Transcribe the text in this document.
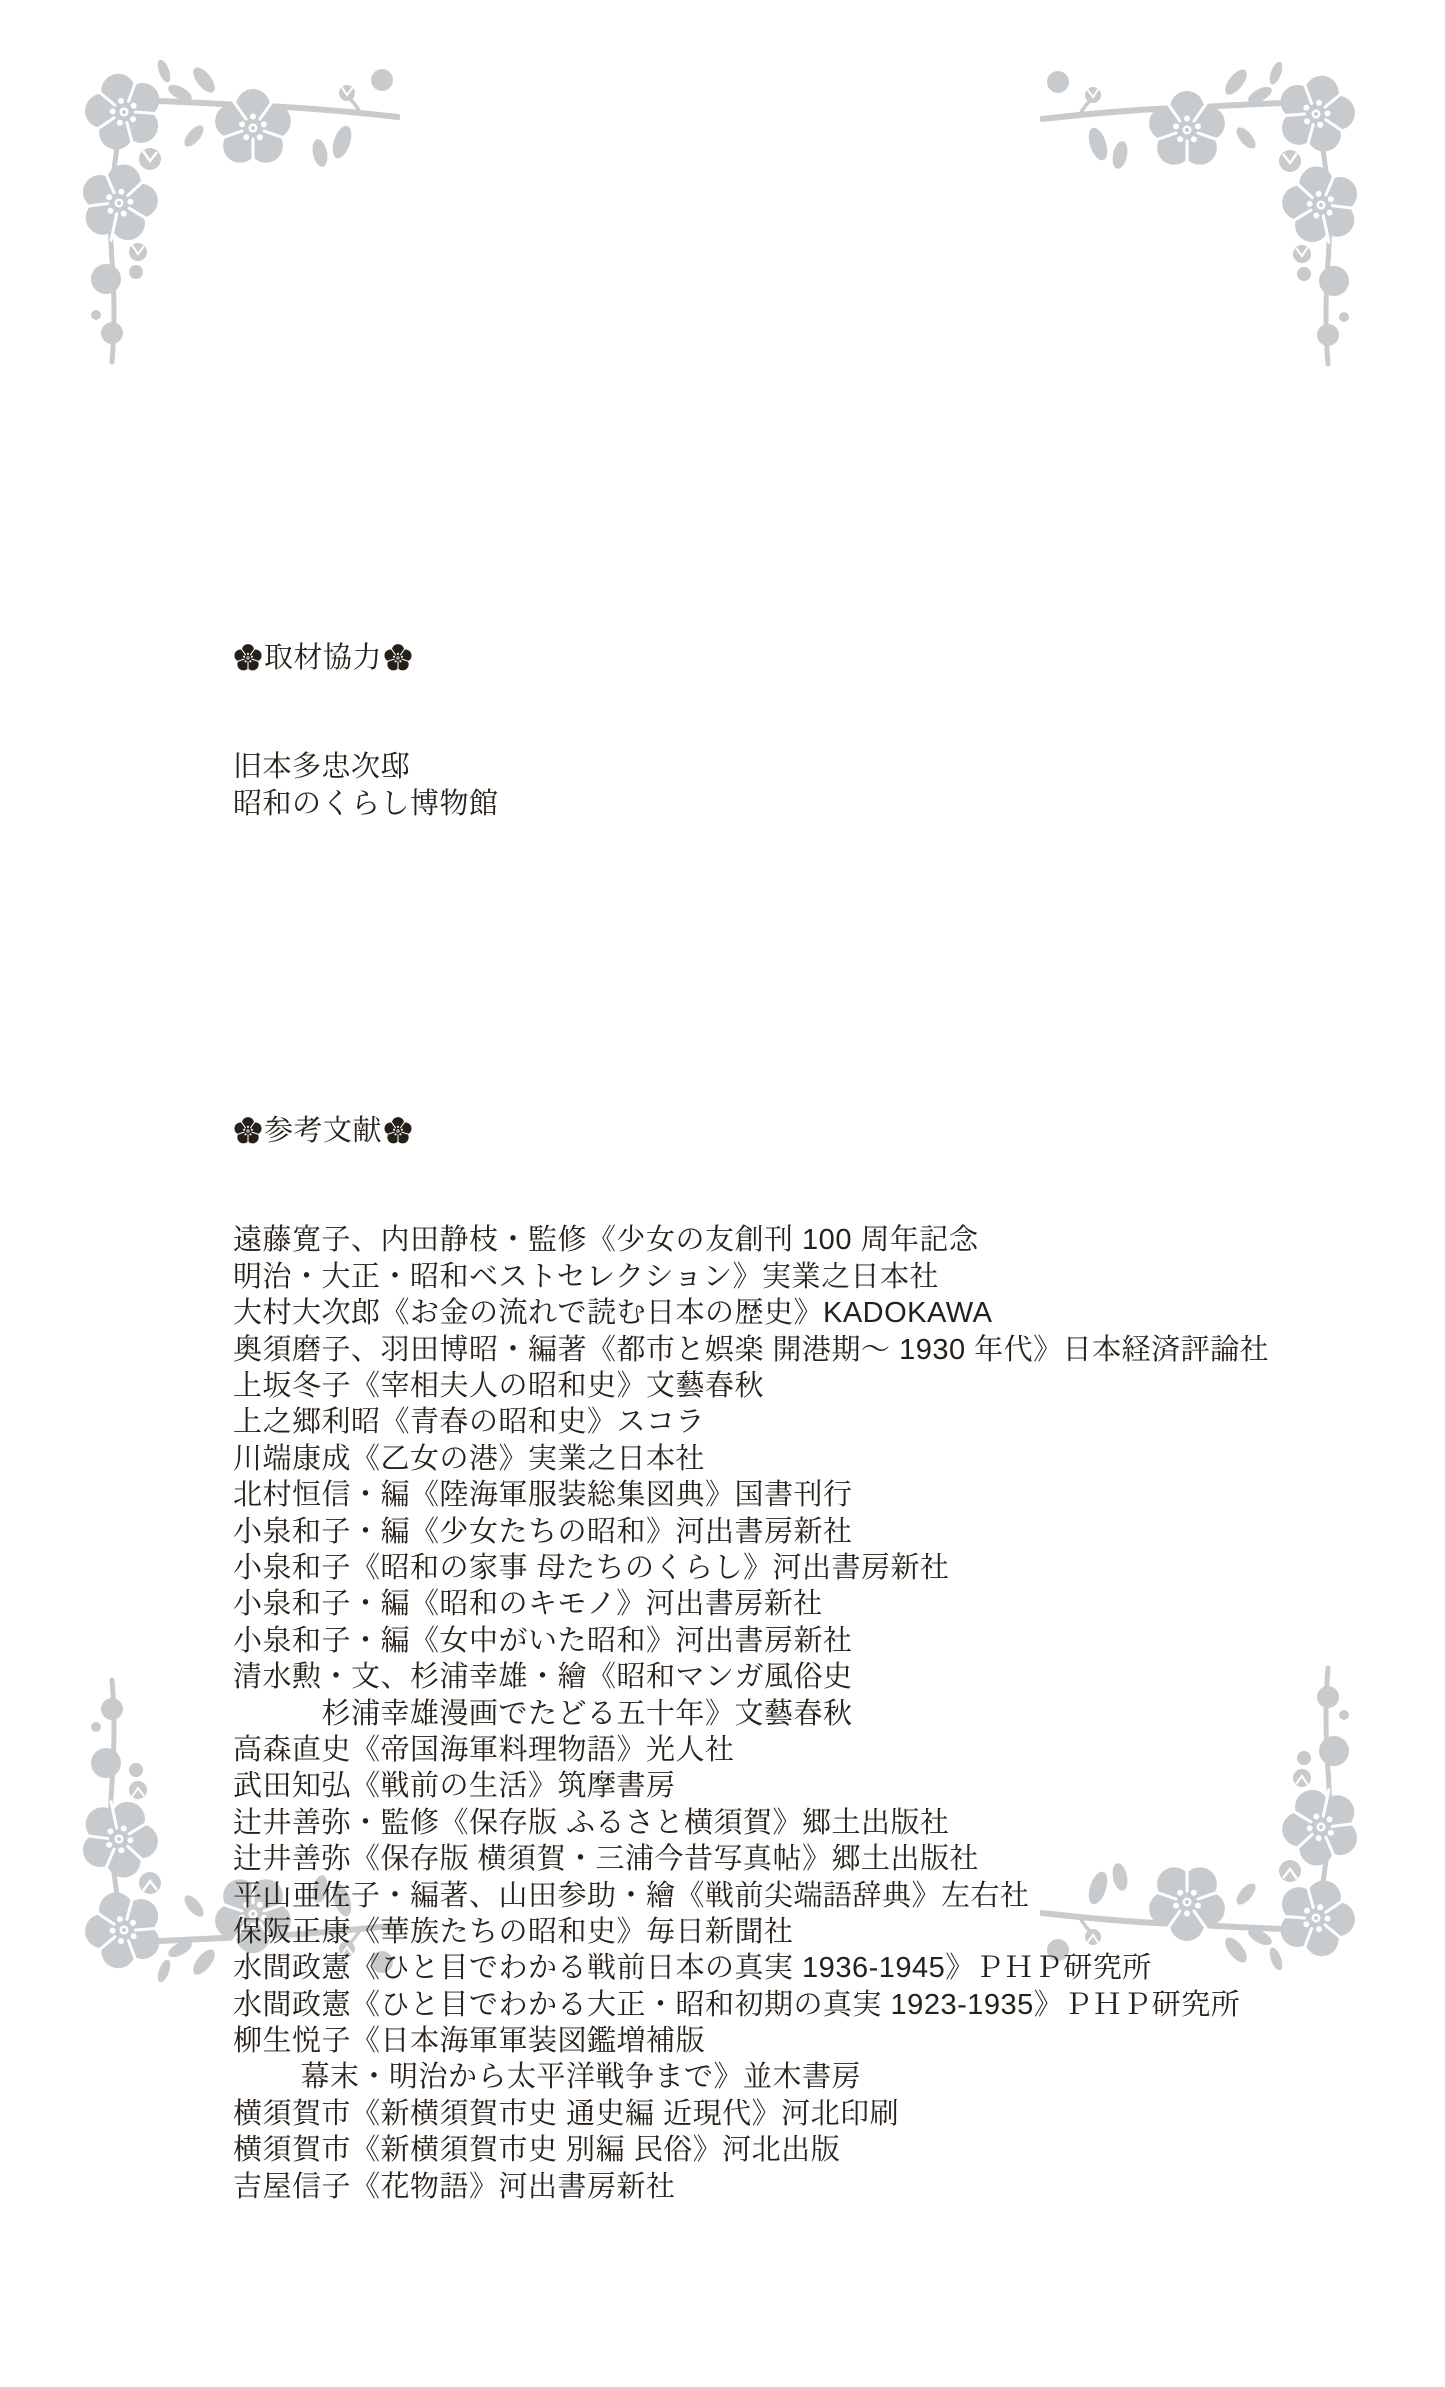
取材協力

旧本多忠次邸
昭和のくらし博物館

参考文献

遠藤寛子、内田静枝・監修《少女の友創刊 100 周年記念
明治・大正・昭和ベストセレクション》実業之日本社
大村大次郎《お金の流れで読む日本の歴史》KADOKAWA
奥須磨子、羽田博昭・編著《都市と娯楽 開港期〜 1930 年代》日本経済評論社
上坂冬子《宰相夫人の昭和史》文藝春秋
上之郷利昭《青春の昭和史》スコラ
川端康成《乙女の港》実業之日本社
北村恒信・編《陸海軍服装総集図典》国書刊行
小泉和子・編《少女たちの昭和》河出書房新社
小泉和子《昭和の家事 母たちのくらし》河出書房新社
小泉和子・編《昭和のキモノ》河出書房新社
小泉和子・編《女中がいた昭和》河出書房新社
清水勲・文、杉浦幸雄・繪《昭和マンガ風俗史
　　　杉浦幸雄漫画でたどる五十年》文藝春秋
高森直史《帝国海軍料理物語》光人社
武田知弘《戦前の生活》筑摩書房
辻井善弥・監修《保存版 ふるさと横須賀》郷土出版社
辻井善弥《保存版 横須賀・三浦今昔写真帖》郷土出版社
平山亜佐子・編著、山田参助・繪《戦前尖端語辞典》左右社
保阪正康《華族たちの昭和史》毎日新聞社
水間政憲《ひと目でわかる戦前日本の真実 1936-1945》ＰＨＰ研究所
水間政憲《ひと目でわかる大正・昭和初期の真実 1923-1935》ＰＨＰ研究所
柳生悦子《日本海軍軍装図鑑増補版
　　 幕末・明治から太平洋戦争まで》並木書房
横須賀市《新横須賀市史 通史編 近現代》河北印刷
横須賀市《新横須賀市史 別編 民俗》河北出版
吉屋信子《花物語》河出書房新社
